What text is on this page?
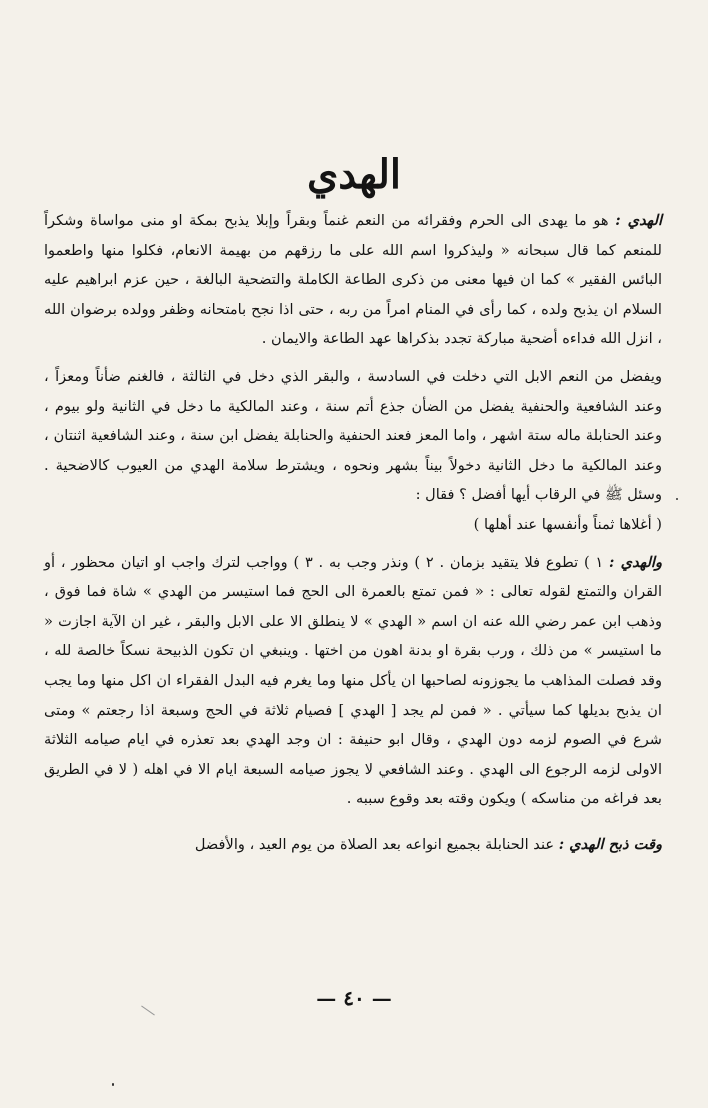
الهدي

الهدي : هو ما يهدى الى الحرم وفقرائه من النعم غنماً وبقراً وإبلا يذبح بمكة او منى مواساة وشكراً للمنعم كما قال سبحانه « وليذكروا اسم الله على ما رزقهم من بهيمة الانعام، فكلوا منها واطعموا البائس الفقير » كما ان فيها معنى من ذكرى الطاعة الكاملة والتضحية البالغة ، حين عزم ابراهيم عليه السلام ان يذبح ولده ، كما رأى في المنام امراً من ربه ، حتى اذا نجح بامتحانه وظفر وولده برضوان الله ، انزل الله فداءه أضحية مباركة تجدد بذكراها عهد الطاعة والايمان .

ويفضل من النعم الابل التي دخلت في السادسة ، والبقر الذي دخل في الثالثة ، فالغنم ضأناً ومعزاً ، وعند الشافعية والحنفية يفضل من الضأن جذع أتم سنة ، وعند المالكية ما دخل في الثانية ولو بيوم ، وعند الحنابلة ماله ستة اشهر ، واما المعز فعند الحنفية والحنابلة يفضل ابن سنة ، وعند الشافعية اثنتان ، وعند المالكية ما دخل الثانية دخولاً بيناً بشهر ونحوه ، ويشترط سلامة الهدي من العيوب كالاضحية . وسئل ﷺ في الرقاب أيها أفضل ؟ فقال :

( أغلاها ثمناً وأنفسها عند أهلها )

والهدي : ١ ) تطوع فلا يتقيد بزمان . ٢ ) ونذر وجب به . ٣ ) وواجب لترك واجب او اتيان محظور ، أو القران والتمتع لقوله تعالى : « فمن تمتع بالعمرة الى الحج فما استيسر من الهدي » شاة فما فوق ، وذهب ابن عمر رضي الله عنه ان اسم « الهدي » لا ينطلق الا على الابل والبقر ، غير ان الآية اجازت « ما استيسر » من ذلك ، ورب بقرة او بدنة اهون من اختها . وينبغي ان تكون الذبيحة نسكاً خالصة لله ، وقد فصلت المذاهب ما يجوزونه لصاحبها ان يأكل منها وما يغرم فيه البدل الفقراء ان اكل منها وما يجب ان يذبح بديلها كما سيأتي . « فمن لم يجد [ الهدي ] فصيام ثلاثة في الحج وسبعة اذا رجعتم » ومتى شرع في الصوم لزمه دون الهدي ، وقال ابو حنيفة : ان وجد الهدي بعد تعذره في ايام صيامه الثلاثة الاولى لزمه الرجوع الى الهدي . وعند الشافعي لا يجوز صيامه السبعة ايام الا في اهله ( لا في الطريق بعد فراغه من مناسكه ) ويكون وقته بعد وقوع سببه .

وقت ذبح الهدي : عند الحنابلة بجميع انواعه بعد الصلاة من يوم العيد ، والأفضل

— ٤٠ —
